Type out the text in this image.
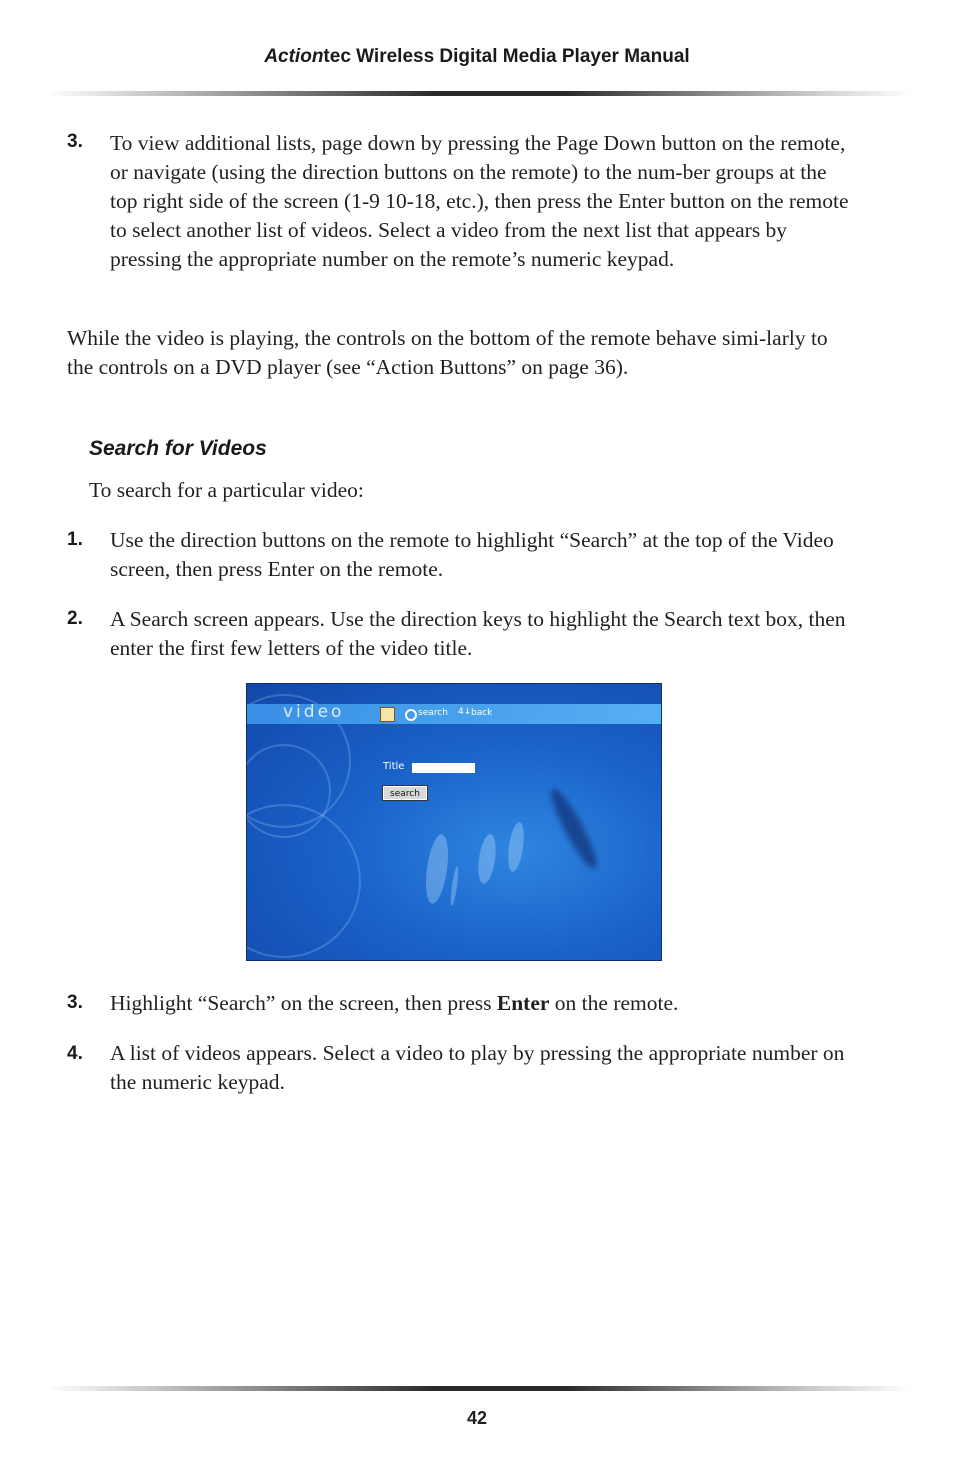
Actiontec Wireless Digital Media Player Manual
3. To view additional lists, page down by pressing the Page Down button on the remote, or navigate (using the direction buttons on the remote) to the num-ber groups at the top right side of the screen (1-9 10-18, etc.), then press the Enter button on the remote to select another list of videos. Select a video from the next list that appears by pressing the appropriate number on the remote’s numeric keypad.
While the video is playing, the controls on the bottom of the remote behave simi-larly to the controls on a DVD player (see “Action Buttons” on page 36).
Search for Videos
To search for a particular video:
1. Use the direction buttons on the remote to highlight “Search” at the top of the Video screen, then press Enter on the remote.
2. A Search screen appears. Use the direction keys to highlight the Search text box, then enter the first few letters of the video title.
video	search 4↓ back
Title
search
3. Highlight “Search” on the screen, then press Enter on the remote.
4. A list of videos appears. Select a video to play by pressing the appropriate number on the numeric keypad.
42
